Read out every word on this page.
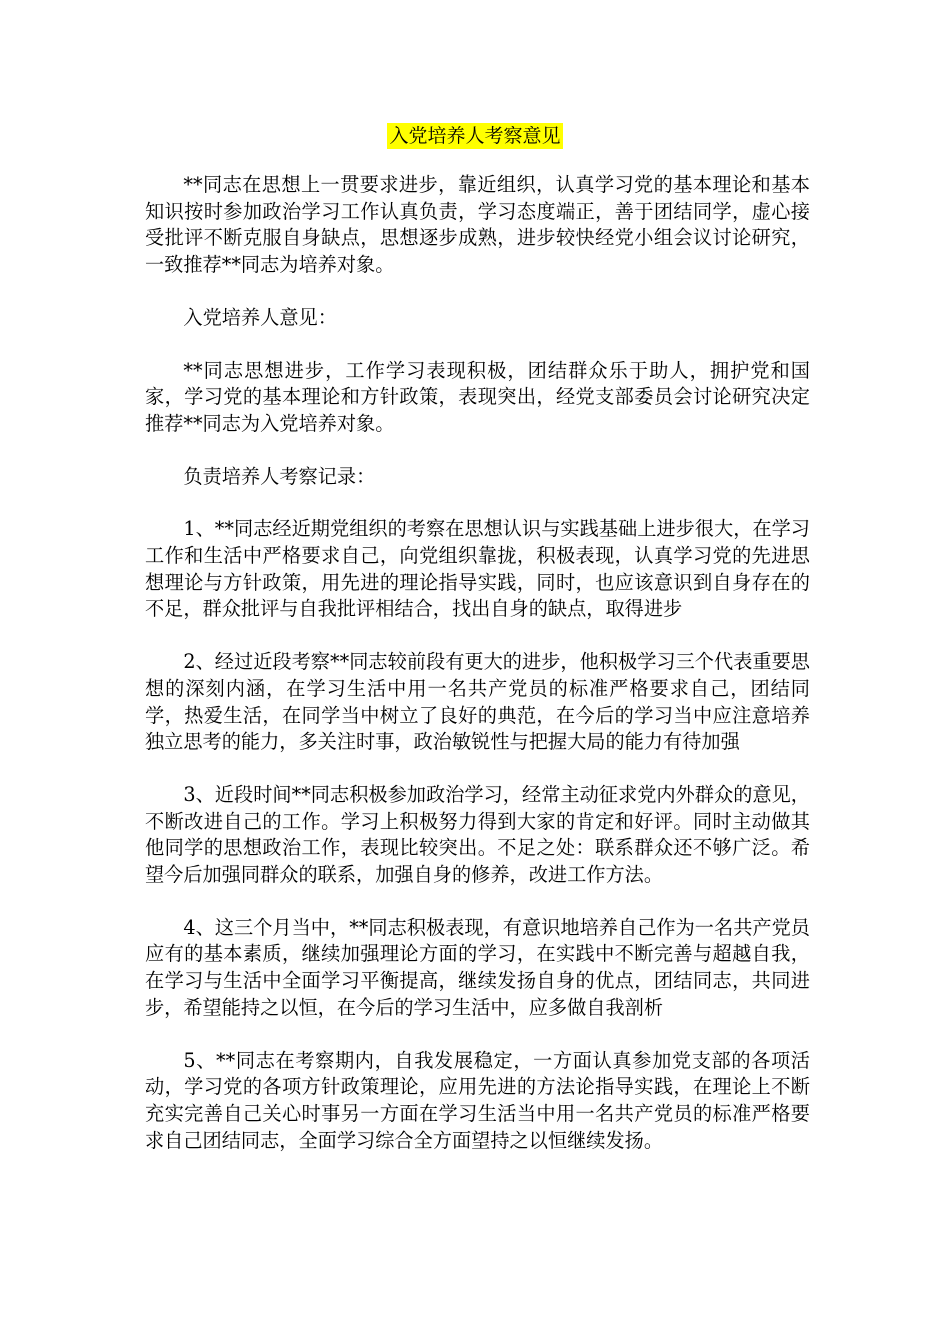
入党培养人考察意见

**同志在思想上一贯要求进步，靠近组织，认真学习党的基本理论和基本知识按时参加政治学习工作认真负责，学习态度端正，善于团结同学，虚心接受批评不断克服自身缺点，思想逐步成熟，进步较快经党小组会议讨论研究，一致推荐**同志为培养对象。

入党培养人意见：

**同志思想进步，工作学习表现积极，团结群众乐于助人，拥护党和国家，学习党的基本理论和方针政策，表现突出，经党支部委员会讨论研究决定推荐**同志为入党培养对象。

负责培养人考察记录：

1、**同志经近期党组织的考察在思想认识与实践基础上进步很大，在学习工作和生活中严格要求自己，向党组织靠拢，积极表现，认真学习党的先进思想理论与方针政策，用先进的理论指导实践，同时，也应该意识到自身存在的不足，群众批评与自我批评相结合，找出自身的缺点，取得进步

2、经过近段考察**同志较前段有更大的进步，他积极学习三个代表重要思想的深刻内涵，在学习生活中用一名共产党员的标准严格要求自己，团结同学，热爱生活，在同学当中树立了良好的典范，在今后的学习当中应注意培养独立思考的能力，多关注时事，政治敏锐性与把握大局的能力有待加强

3、近段时间**同志积极参加政治学习，经常主动征求党内外群众的意见，不断改进自己的工作。学习上积极努力得到大家的肯定和好评。同时主动做其他同学的思想政治工作，表现比较突出。不足之处：联系群众还不够广泛。希望今后加强同群众的联系，加强自身的修养，改进工作方法。

4、这三个月当中，**同志积极表现，有意识地培养自己作为一名共产党员应有的基本素质，继续加强理论方面的学习，在实践中不断完善与超越自我，在学习与生活中全面学习平衡提高，继续发扬自身的优点，团结同志，共同进步，希望能持之以恒，在今后的学习生活中，应多做自我剖析

5、**同志在考察期内，自我发展稳定，一方面认真参加党支部的各项活动，学习党的各项方针政策理论，应用先进的方法论指导实践，在理论上不断充实完善自己关心时事另一方面在学习生活当中用一名共产党员的标准严格要求自己团结同志，全面学习综合全方面望持之以恒继续发扬。
